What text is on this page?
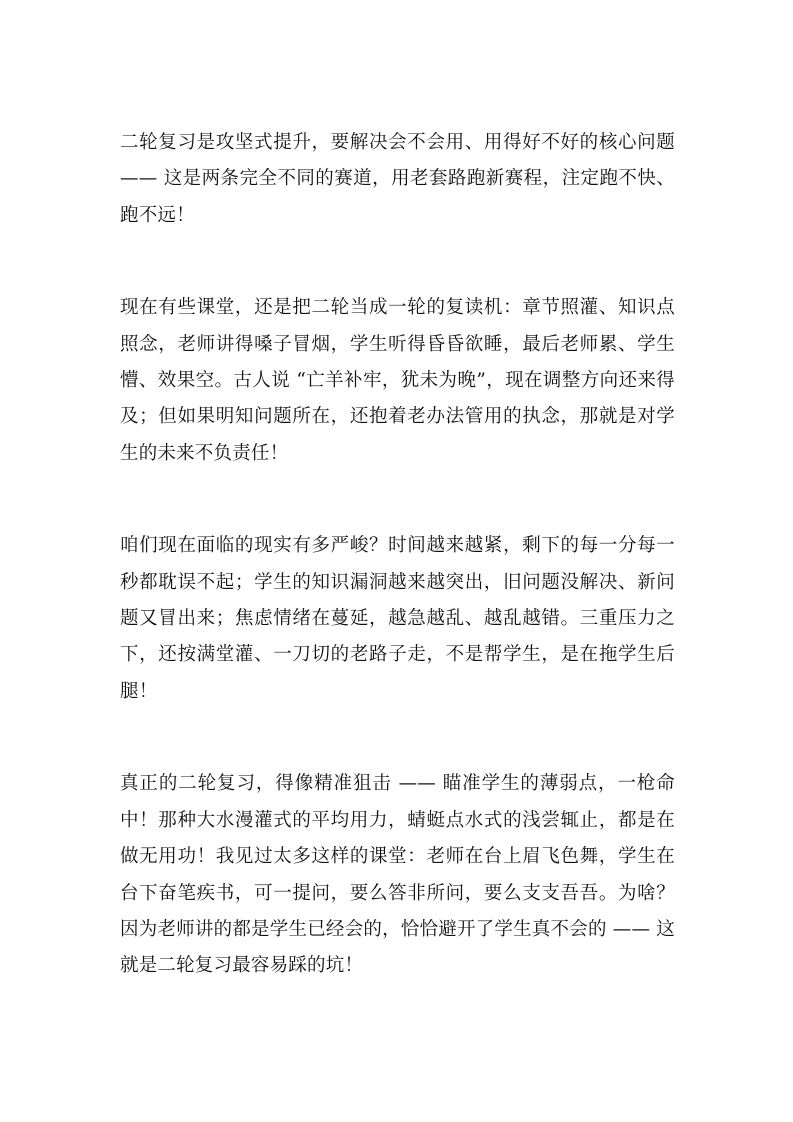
二轮复习是攻坚式提升，要解决会不会用、用得好不好的核心问题 —— 这是两条完全不同的赛道，用老套路跑新赛程，注定跑不快、跑不远！

现在有些课堂，还是把二轮当成一轮的复读机：章节照灌、知识点照念，老师讲得嗓子冒烟，学生听得昏昏欲睡，最后老师累、学生懵、效果空。古人说 “亡羊补牢，犹未为晚”，现在调整方向还来得及；但如果明知问题所在，还抱着老办法管用的执念，那就是对学生的未来不负责任！

咱们现在面临的现实有多严峻？时间越来越紧，剩下的每一分每一秒都耽误不起；学生的知识漏洞越来越突出，旧问题没解决、新问题又冒出来；焦虑情绪在蔓延，越急越乱、越乱越错。三重压力之下，还按满堂灌、一刀切的老路子走，不是帮学生，是在拖学生后腿！

真正的二轮复习，得像精准狙击 —— 瞄准学生的薄弱点，一枪命中！那种大水漫灌式的平均用力，蜻蜓点水式的浅尝辄止，都是在做无用功！我见过太多这样的课堂：老师在台上眉飞色舞，学生在台下奋笔疾书，可一提问，要么答非所问，要么支支吾吾。为啥？因为老师讲的都是学生已经会的，恰恰避开了学生真不会的 —— 这就是二轮复习最容易踩的坑！
